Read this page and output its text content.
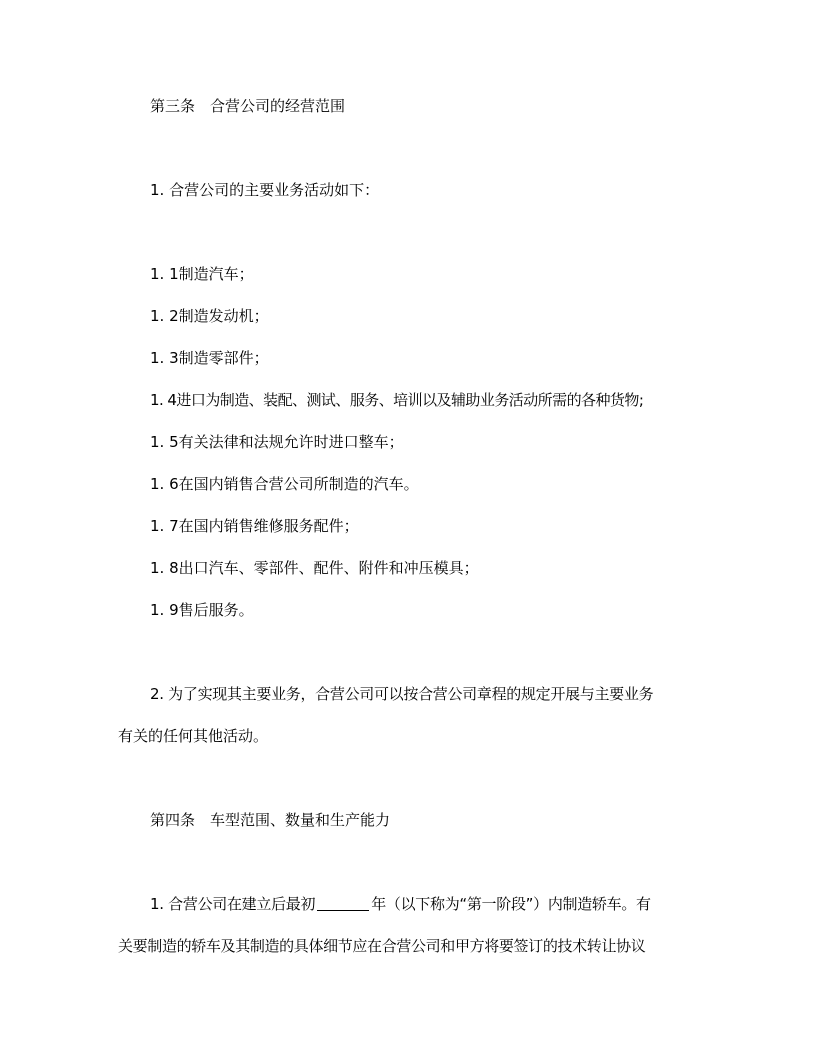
第三条　合营公司的经营范围
1. 合营公司的主要业务活动如下：
1. 1制造汽车；
1. 2制造发动机；
1. 3制造零部件；
1. 4进口为制造、装配、测试、服务、培训以及辅助业务活动所需的各种货物;
1. 5有关法律和法规允许时进口整车；
1. 6在国内销售合营公司所制造的汽车。
1. 7在国内销售维修服务配件；
1. 8出口汽车、零部件、配件、附件和冲压模具；
1. 9售后服务。
2. 为了实现其主要业务，合营公司可以按合营公司章程的规定开展与主要业务
有关的任何其他活动。
第四条　车型范围、数量和生产能力
1. 合营公司在建立后最初	年（以下称为“第一阶段”）内制造轿车。有
关要制造的轿车及其制造的具体细节应在合营公司和甲方将要签订的技术转让协议
